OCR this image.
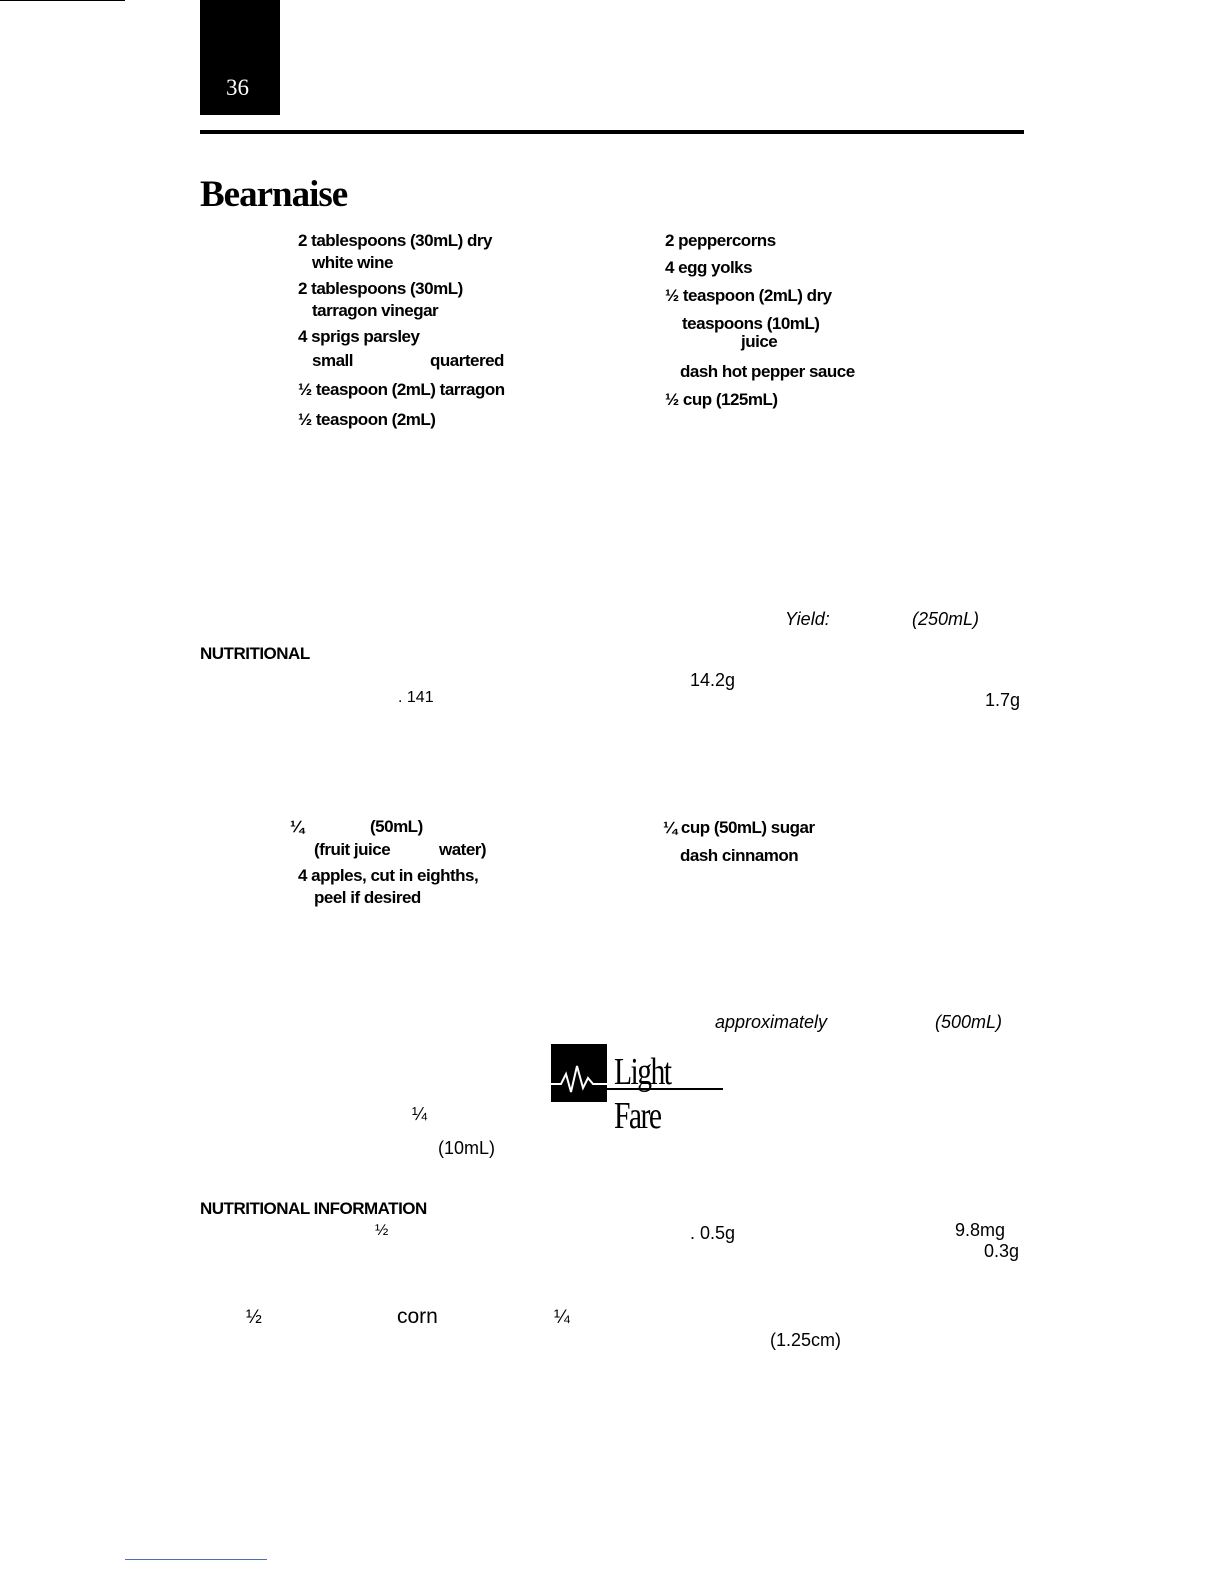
36
Bearnaise
2 tablespoons (30mL) dry
white wine
2 tablespoons (30mL)
tarragon vinegar
4 sprigs parsley
small	quartered
½ teaspoon (2mL) tarragon
½ teaspoon (2mL)
2 peppercorns
4 egg yolks
½ teaspoon (2mL) dry
teaspoons (10mL)
juice
dash hot pepper sauce
½ cup (125mL)
Yield:	(250mL)
NUTRITIONAL
. 141
14.2g
1.7g
¼	(50mL)
(fruit juice	water)
4 apples, cut in eighths,
peel if desired
¼ cup (50mL) sugar
dash cinnamon
approximately	(500mL)
Light Fare
¼
(10mL)
NUTRITIONAL INFORMATION
½	. 0.5g	9.8mg
0.3g
½	corn	¼
(1.25cm)
